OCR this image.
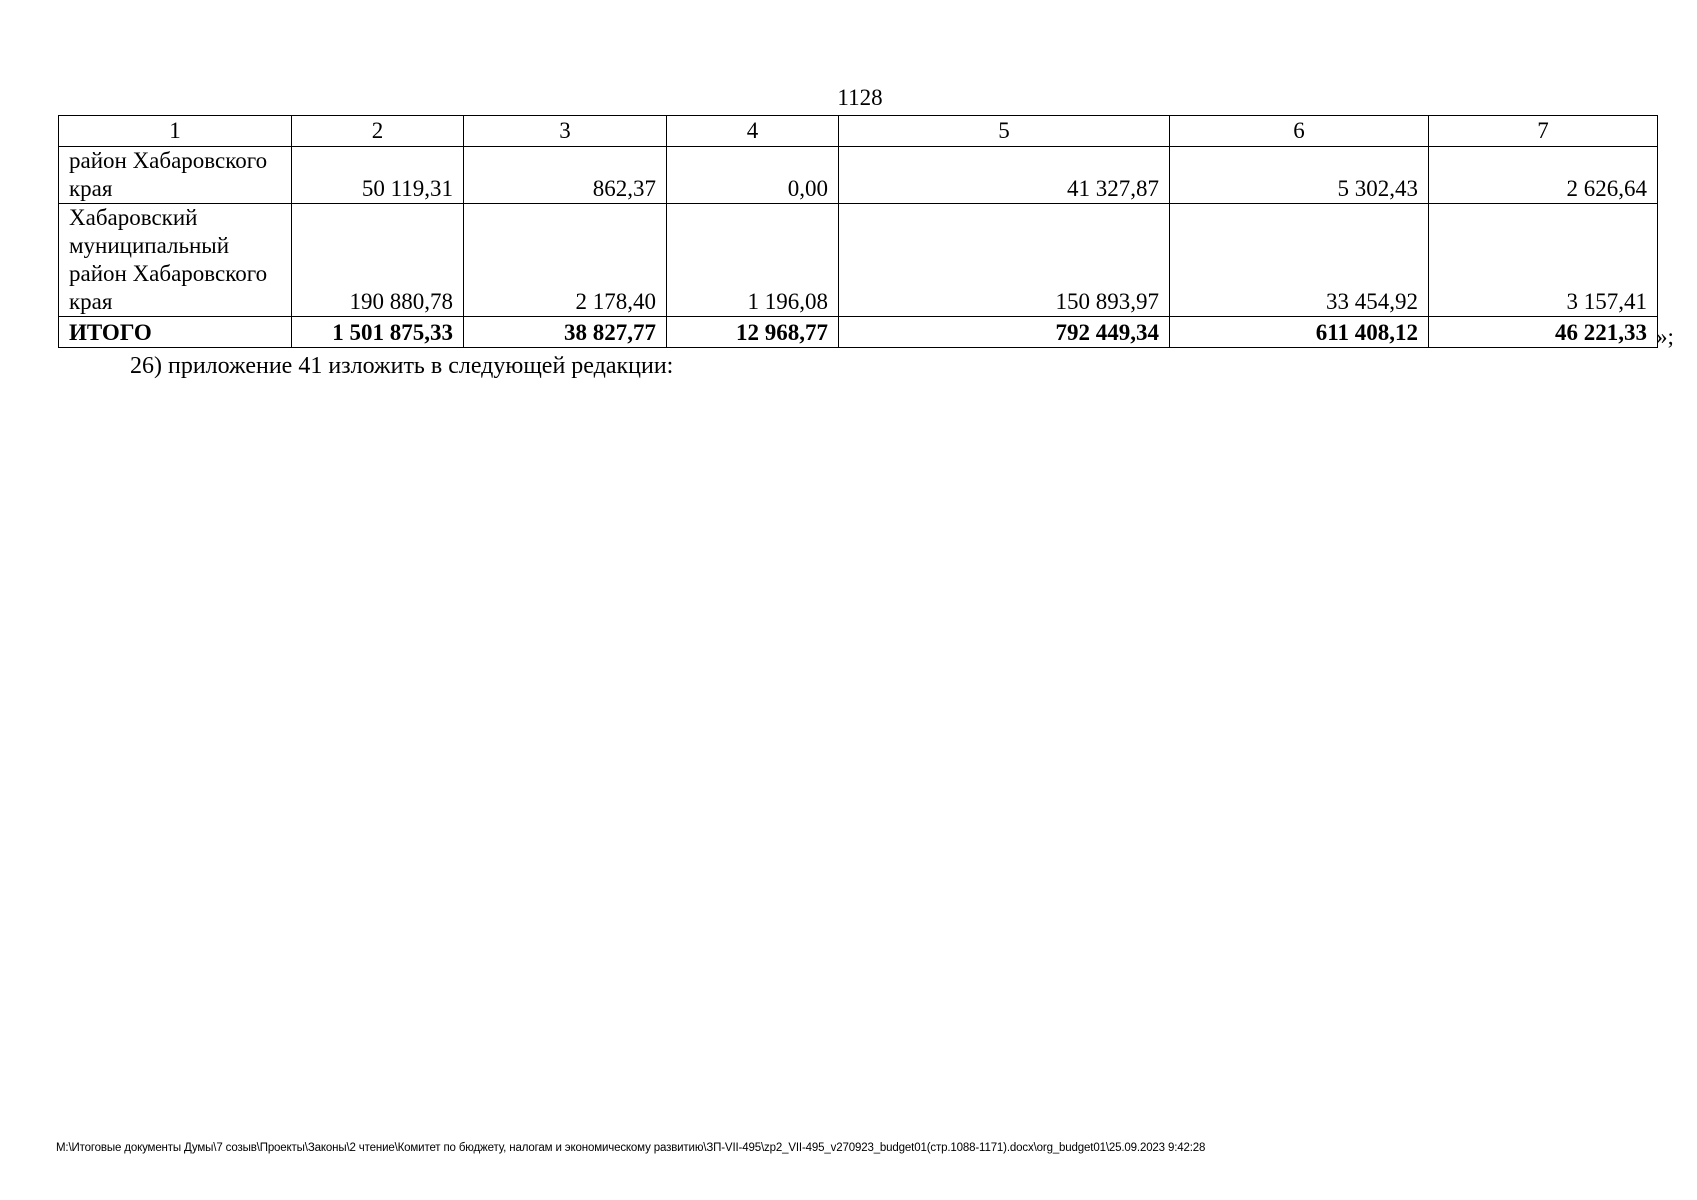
1128
1	2	3	4	5	6	7
район Хабаровского края	50 119,31	862,37	0,00	41 327,87	5 302,43	2 626,64
Хабаровский муниципальный район Хабаровского края	190 880,78	2 178,40	1 196,08	150 893,97	33 454,92	3 157,41
ИТОГО	1 501 875,33	38 827,77	12 968,77	792 449,34	611 408,12	46 221,33 »;
26) приложение 41 изложить в следующей редакции:
M:\Итоговые документы Думы\7 созыв\Проекты\Законы\2 чтение\Комитет по бюджету, налогам и экономическому развитию\ЗП-VII-495\zp2_VII-495_v270923_budget01(стр.1088-1171).docx\org_budget01\25.09.2023 9:42:28
